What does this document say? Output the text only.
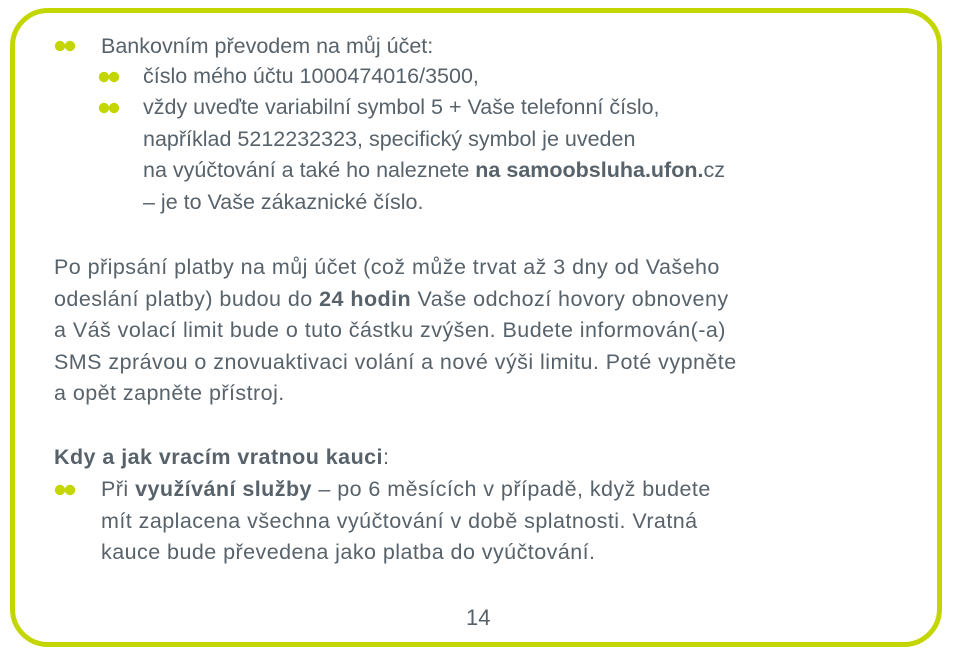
Bankovním převodem na můj účet:
číslo mého účtu 1000474016/3500,
vždy uveďte variabilní symbol 5 + Vaše telefonní číslo,
například 5212232323, specifický symbol je uveden
na vyúčtování a také ho naleznete na samoobsluha.ufon.cz
– je to Vaše zákaznické číslo.
Po připsání platby na můj účet (což může trvat až 3 dny od Vašeho
odeslání platby) budou do 24 hodin Vaše odchozí hovory obnoveny
a Váš volací limit bude o tuto částku zvýšen. Budete informován(-a)
SMS zprávou o znovuaktivaci volání a nové výši limitu. Poté vypněte
a opět zapněte přístroj.
Kdy a jak vracím vratnou kauci:
Při využívání služby – po 6 měsících v případě, když budete
mít zaplacena všechna vyúčtování v době splatnosti. Vratná
kauce bude převedena jako platba do vyúčtování.
14
